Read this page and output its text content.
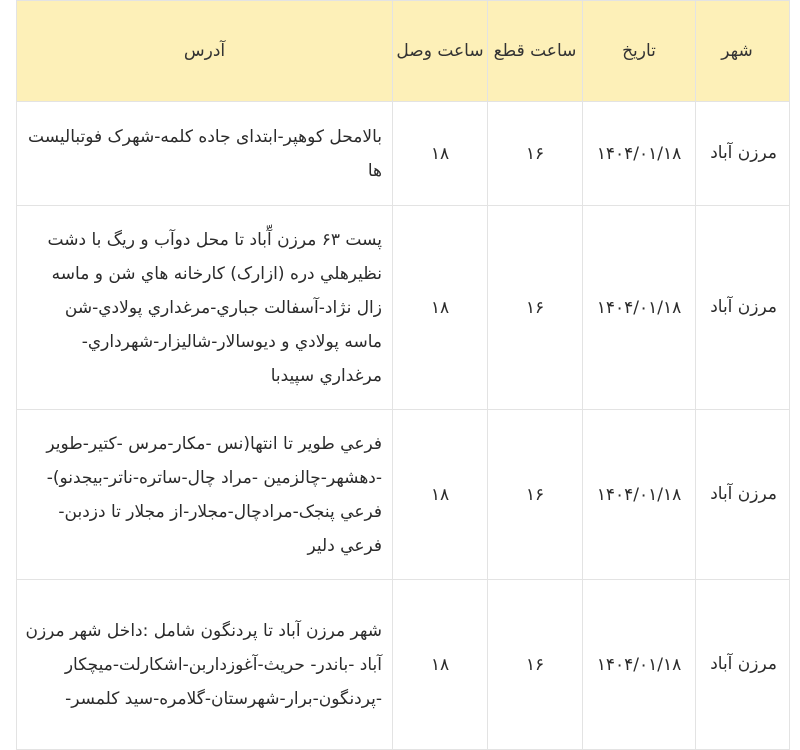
شهر	تاریخ	ساعت قطع	ساعت وصل	آدرس
مرزن آباد	۱۴۰۴/۰۱/۱۸	۱۶	۱۸	بالامحل کوهپر-ابتدای جاده کلمه-شهرک فوتبالیست ها
مرزن آباد	۱۴۰۴/۰۱/۱۸	۱۶	۱۸	پست ۶۳ مرزن آّباد تا محل دوآب و ریگ با دشت نظیرهلي دره (ازارک) کارخانه هاي شن و ماسه زال نژاد-آسفالت جباري-مرغداري پولادي-شن ماسه پولادي و ديوسالار-شاليزار-شهرداري-مرغداري سپيدبا
مرزن آباد	۱۴۰۴/۰۱/۱۸	۱۶	۱۸	فرعي طوير تا انتها(نس -مکار-مرس -کتير-طوير -دهشهر-چالزمين -مراد چال-ساتره-ناتر-بيجدنو)- فرعي پنجک-مرادچال-مجلار-از مجلار تا دزدبن-فرعي دلير
مرزن آباد	۱۴۰۴/۰۱/۱۸	۱۶	۱۸	شهر مرزن آباد تا پردنگون شامل :داخل شهر مرزن آباد -باندر- حريث-آغوزداربن-اشکارلت-ميچکار -پردنگون-برار-شهرستان-گلامره-سيد کلمسر-
